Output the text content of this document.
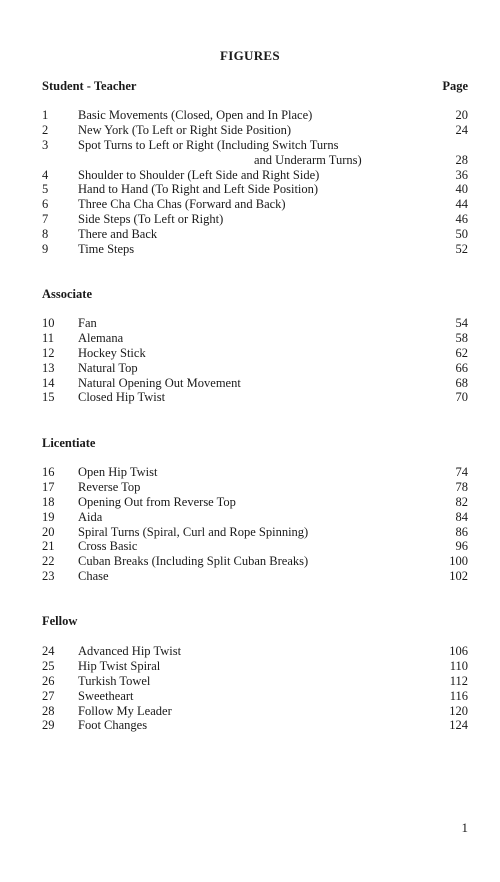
FIGURES
Page
Student - Teacher
1	Basic Movements (Closed, Open and In Place)	20
2	New York (To Left or Right Side Position)	24
3	Spot Turns to Left or Right (Including Switch Turns
and Underarm Turns)	28
4	Shoulder to Shoulder (Left Side and Right Side)	36
5	Hand to Hand (To Right and Left Side Position)	40
6	Three Cha Cha Chas (Forward and Back)	44
7	Side Steps (To Left or Right)	46
8	There and Back	50
9	Time Steps	52
Associate
10	Fan	54
11	Alemana	58
12	Hockey Stick	62
13	Natural Top	66
14	Natural Opening Out Movement	68
15	Closed Hip Twist	70
Licentiate
16	Open Hip Twist	74
17	Reverse Top	78
18	Opening Out from Reverse Top	82
19	Aida	84
20	Spiral Turns (Spiral, Curl and Rope Spinning)	86
21	Cross Basic	96
22	Cuban Breaks (Including Split Cuban Breaks)	100
23	Chase	102
Fellow
24	Advanced Hip Twist	106
25	Hip Twist Spiral	110
26	Turkish Towel	112
27	Sweetheart	116
28	Follow My Leader	120
29	Foot Changes	124
1
